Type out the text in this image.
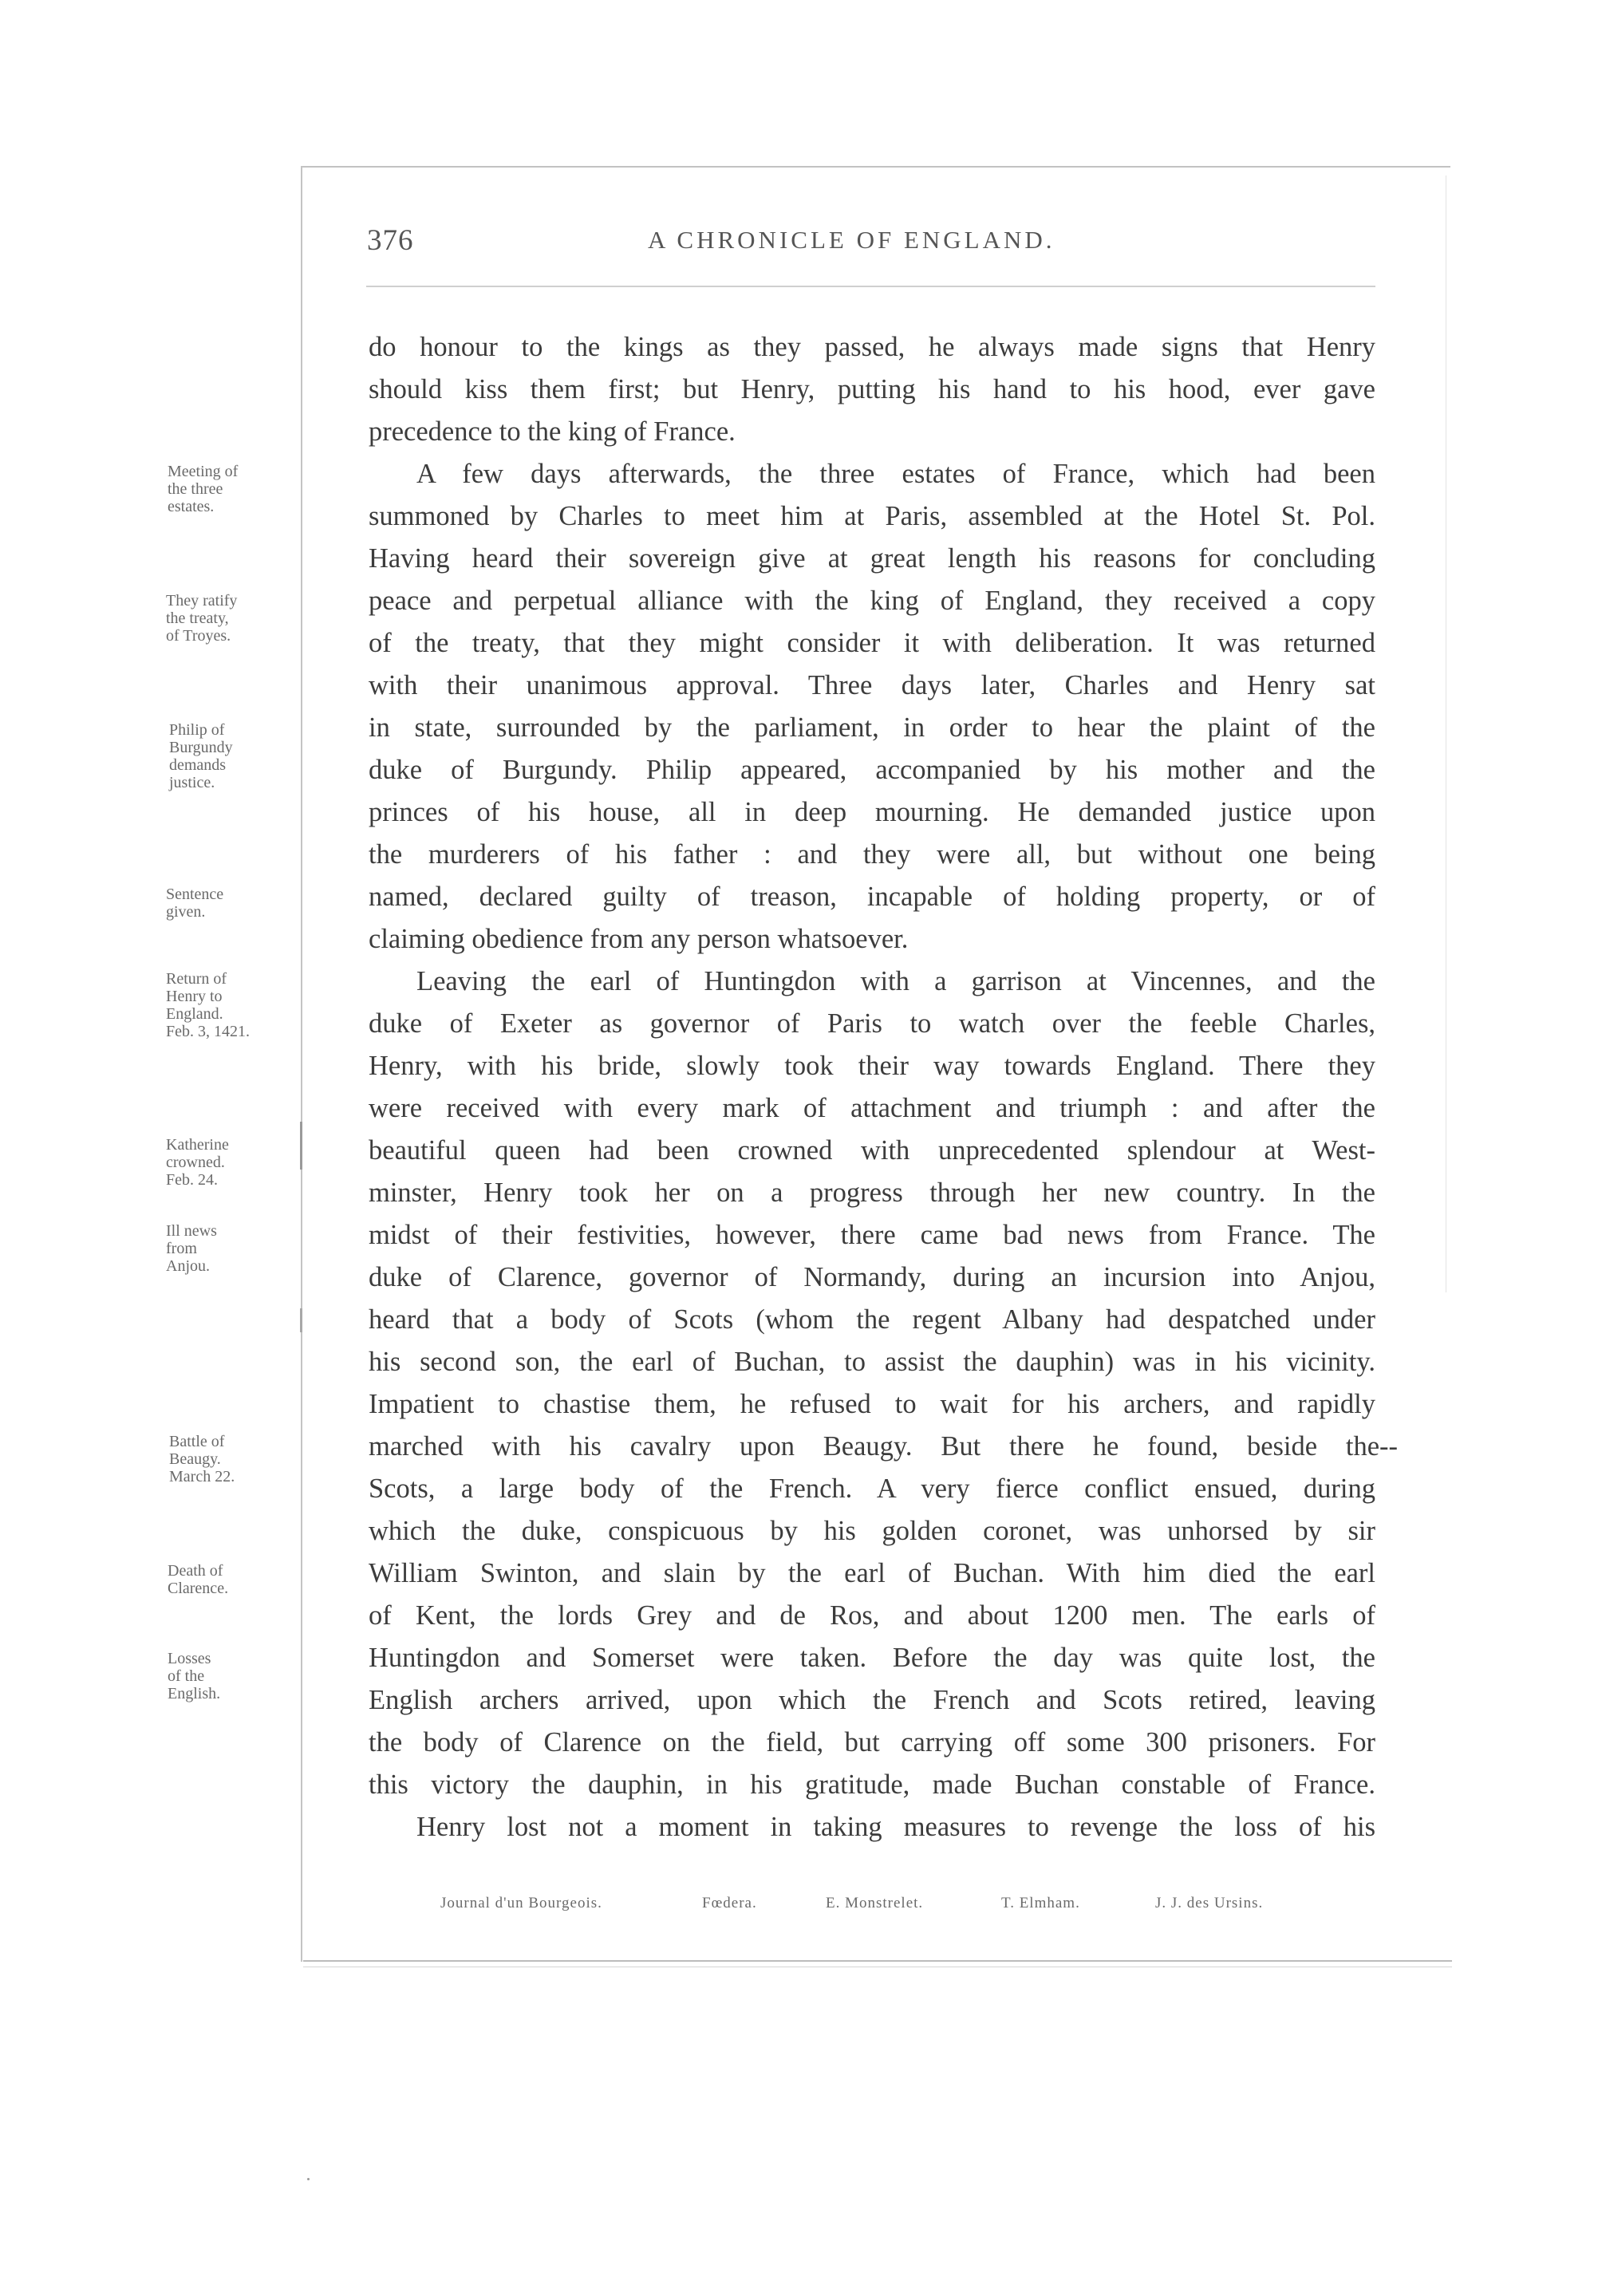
376	A CHRONICLE OF ENGLAND.
do honour to the kings as they passed, he always made signs that Henry
should kiss them first; but Henry, putting his hand to his hood, ever gave
precedence to the king of France.
A few days afterwards, the three estates of France, which had been
summoned by Charles to meet him at Paris, assembled at the Hotel St. Pol.
Having heard their sovereign give at great length his reasons for concluding
peace and perpetual alliance with the king of England, they received a copy
of the treaty, that they might consider it with deliberation. It was returned
with their unanimous approval. Three days later, Charles and Henry sat
in state, surrounded by the parliament, in order to hear the plaint of the
duke of Burgundy. Philip appeared, accompanied by his mother and the
princes of his house, all in deep mourning. He demanded justice upon
the murderers of his father : and they were all, but without one being
named, declared guilty of treason, incapable of holding property, or of
claiming obedience from any person whatsoever.
Leaving the earl of Huntingdon with a garrison at Vincennes, and the
duke of Exeter as governor of Paris to watch over the feeble Charles,
Henry, with his bride, slowly took their way towards England. There they
were received with every mark of attachment and triumph : and after the
beautiful queen had been crowned with unprecedented splendour at West-
minster, Henry took her on a progress through her new country. In the
midst of their festivities, however, there came bad news from France. The
duke of Clarence, governor of Normandy, during an incursion into Anjou,
heard that a body of Scots (whom the regent Albany had despatched under
his second son, the earl of Buchan, to assist the dauphin) was in his vicinity.
Impatient to chastise them, he refused to wait for his archers, and rapidly
marched with his cavalry upon Beaugy. But there he found, beside the--
Scots, a large body of the French. A very fierce conflict ensued, during
which the duke, conspicuous by his golden coronet, was unhorsed by sir
William Swinton, and slain by the earl of Buchan. With him died the earl
of Kent, the lords Grey and de Ros, and about 1200 men. The earls of
Huntingdon and Somerset were taken. Before the day was quite lost, the
English archers arrived, upon which the French and Scots retired, leaving
the body of Clarence on the field, but carrying off some 300 prisoners. For
this victory the dauphin, in his gratitude, made Buchan constable of France.
Henry lost not a moment in taking measures to revenge the loss of his
Meeting of
the three
estates.
They ratify
the treaty,
of Troyes.
Philip of
Burgundy
demands
justice.
Sentence
given.
Return of
Henry to
England.
Feb. 3, 1421.
Katherine
crowned.
Feb. 24.
Ill news
from
Anjou.
Battle of
Beaugy.
March 22.
Death of
Clarence.
Losses
of the
English.
Journal d'un Bourgeois.	Fœdera.	E. Monstrelet.	T. Elmham.	J. J. des Ursins.
